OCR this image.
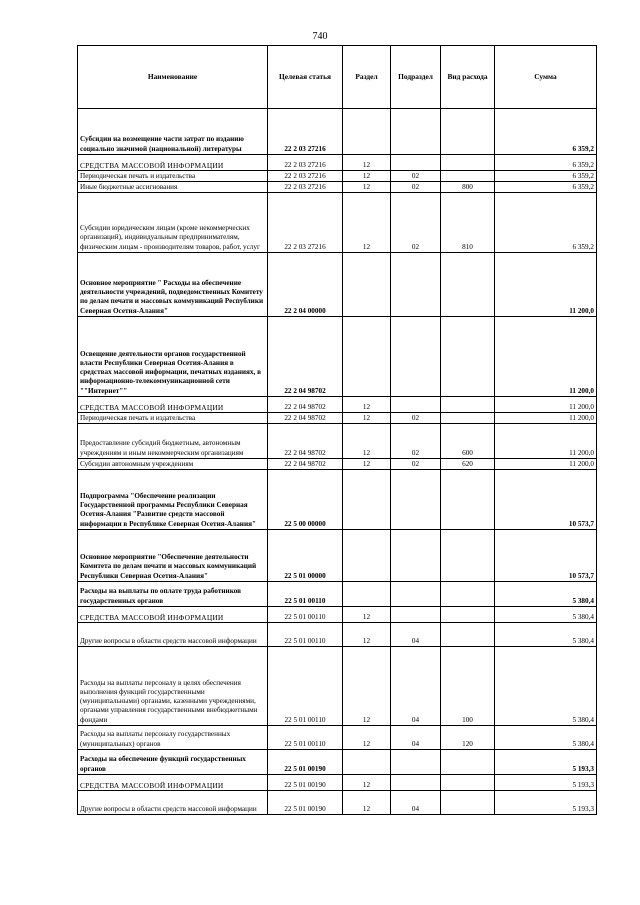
740
Наименование	Целевая статья	Раздел	Подраздел	Вид расхода	Сумма
Субсидии на возмещение части затрат по изданию социально значимой (национальной) литературы	22 2 03 27216				6 359,2
СРЕДСТВА МАССОВОЙ ИНФОРМАЦИИ	22 2 03 27216	12			6 359,2
Периодическая печать и издательства	22 2 03 27216	12	02		6 359,2
Иные бюджетные ассигнования	22 2 03 27216	12	02	800	6 359,2
Субсидии юридическим лицам (кроме некоммерческих организаций), индивидуальным предпринимателям, физическим лицам - производителям товаров, работ, услуг	22 2 03 27216	12	02	810	6 359,2
Основное мероприятие " Расходы на обеспечение деятельности учреждений, подведомственных Комитету по делам печати и массовых коммуникаций Республики Северная Осетия-Алания"	22 2 04 00000				11 200,0
Освещение деятельности органов государственной власти Республики Северная Осетия-Алания в средствах массовой информации, печатных изданиях, в информационно-телекоммуникационной сети ""Интернет""	22 2 04 98702				11 200,0
СРЕДСТВА МАССОВОЙ ИНФОРМАЦИИ	22 2 04 98702	12			11 200,0
Периодическая печать и издательства	22 2 04 98702	12	02		11 200,0
Предоставление субсидий бюджетным, автономным учреждениям и иным некоммерческим организациям	22 2 04 98702	12	02	600	11 200,0
Субсидии автономным учреждениям	22 2 04 98702	12	02	620	11 200,0
Подпрограмма "Обеспечение реализации Государственной программы Республики Северная Осетия-Алания "Развитие средств массовой информации в Республике Северная Осетия-Алания"	22 5 00 00000				10 573,7
Основное мероприятие "Обеспечение деятельности Комитета по делам печати и массовых коммуникаций Республики Северная Осетия-Алания"	22 5 01 00000				10 573,7
Расходы на выплаты по оплате труда работников государственных органов	22 5 01 00110				5 380,4
СРЕДСТВА МАССОВОЙ ИНФОРМАЦИИ	22 5 01 00110	12			5 380,4
Другие вопросы в области средств массовой информации	22 5 01 00110	12	04		5 380,4
Расходы на выплаты персоналу в целях обеспечения выполнения функций государственными (муниципальными) органами, казенными учреждениями, органами управления государственными внебюджетными фондами	22 5 01 00110	12	04	100	5 380,4
Расходы на выплаты персоналу государственных (муниципальных) органов	22 5 01 00110	12	04	120	5 380,4
Расходы на обеспечение функций государственных органов	22 5 01 00190				5 193,3
СРЕДСТВА МАССОВОЙ ИНФОРМАЦИИ	22 5 01 00190	12			5 193,3
Другие вопросы в области средств массовой информации	22 5 01 00190	12	04		5 193,3
